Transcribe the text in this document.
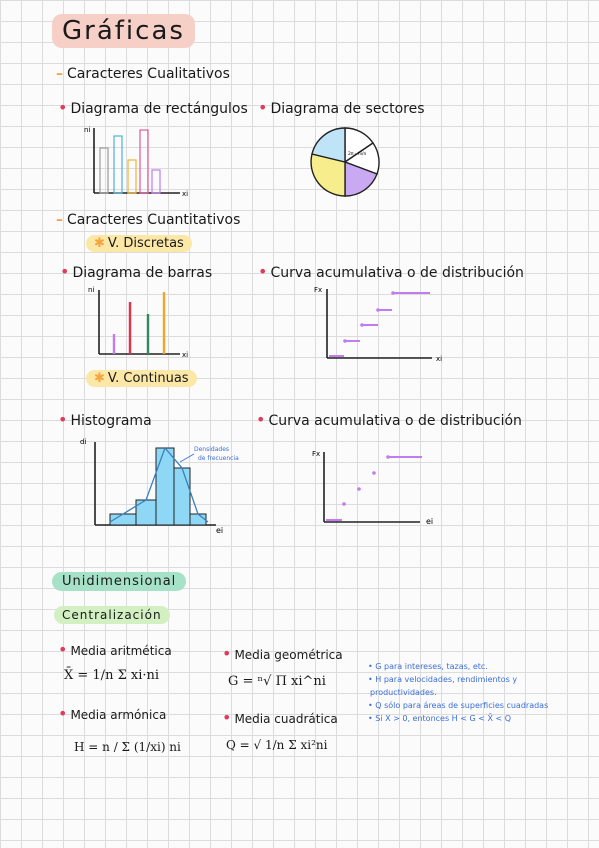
Gráficas
– Caracteres Cualitativos
• Diagrama de rectángulos • Diagrama de sectores
ni
xi
2π · ni/n
– Caracteres Cuantitativos
✱ V. Discretas
• Diagrama de barras	• Curva acumulativa o de distribución
ni
xi
Fx
xi
✱ V. Continuas
• Histograma	• Curva acumulativa o de distribución
di
Densidades
de frecuencia
ei
Fx
ei
Unidimensional
Centralización
• Media aritmética
X̄ = 1/n Σ xi·ni
• Media armónica
H = n / Σ (1/xi) ni
• Media geométrica
G = ⁿ√ Π xi^ni
• Media cuadrática
Q = √ 1/n Σ xi²ni
• G para intereses, tazas, etc.
• H para velocidades, rendimientos y
productividades.
• Q sólo para áreas de superficies cuadradas
• Si X > 0, entonces H < G < X̄ < Q
